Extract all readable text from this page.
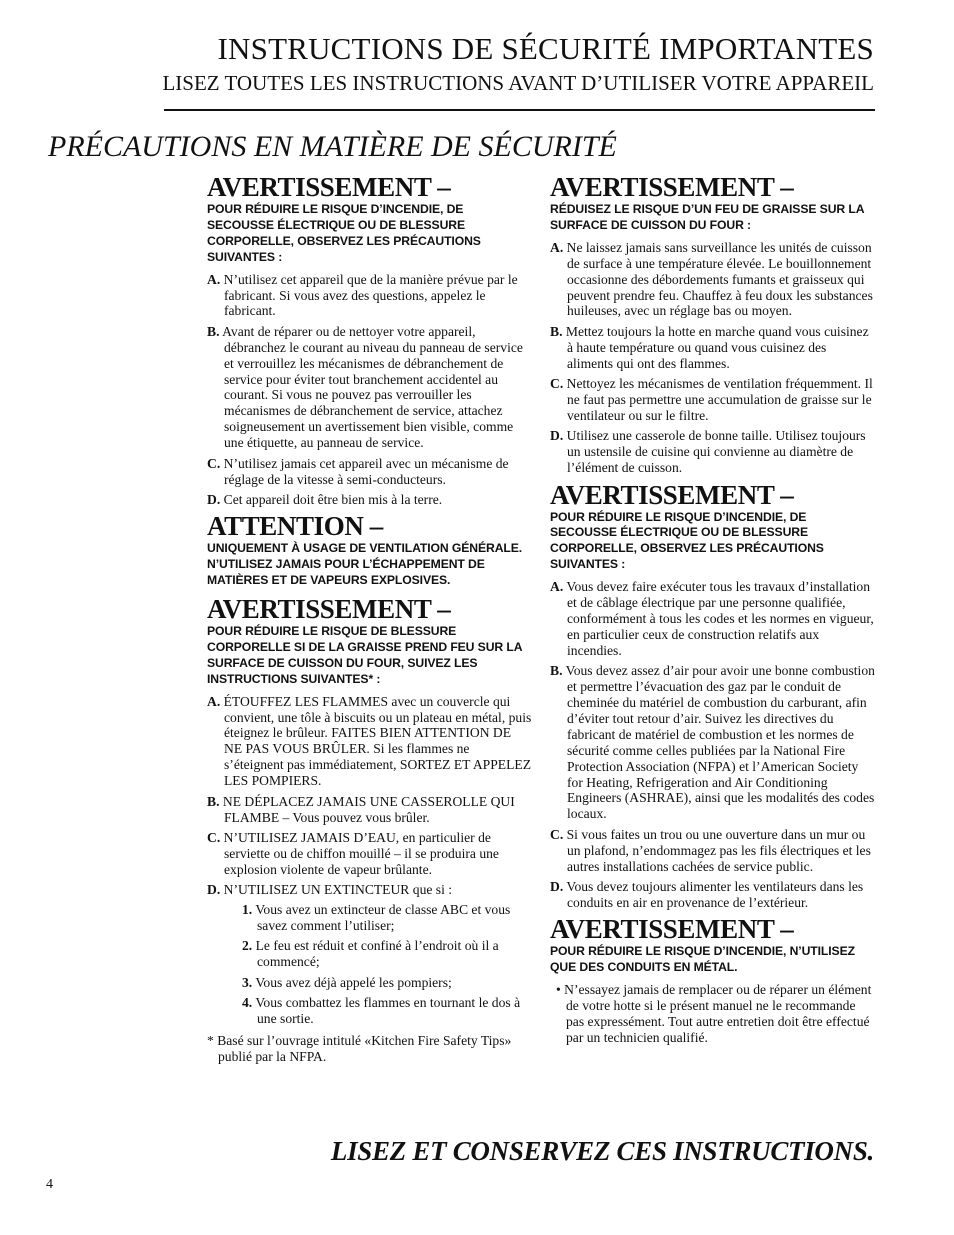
INSTRUCTIONS DE SÉCURITÉ IMPORTANTES
LISEZ TOUTES LES INSTRUCTIONS AVANT D’UTILISER VOTRE APPAREIL
PRÉCAUTIONS EN MATIÈRE DE SÉCURITÉ
AVERTISSEMENT –

POUR RÉDUIRE LE RISQUE D’INCENDIE, DE SECOUSSE ÉLECTRIQUE OU DE BLESSURE CORPORELLE, OBSERVEZ LES PRÉCAUTIONS SUIVANTES :

A. N’utilisez cet appareil que de la manière prévue par le fabricant. Si vous avez des questions, appelez le fabricant.
B. Avant de réparer ou de nettoyer votre appareil, débranchez le courant au niveau du panneau de service et verrouillez les mécanismes de débranchement de service pour éviter tout branchement accidentel au courant. Si vous ne pouvez pas verrouiller les mécanismes de débranchement de service, attachez soigneusement un avertissement bien visible, comme une étiquette, au panneau de service.
C. N’utilisez jamais cet appareil avec un mécanisme de réglage de la vitesse à semi-conducteurs.
D. Cet appareil doit être bien mis à la terre.
ATTENTION –

UNIQUEMENT À USAGE DE VENTILATION GÉNÉRALE. N’UTILISEZ JAMAIS POUR L’ÉCHAPPEMENT DE MATIÈRES ET DE VAPEURS EXPLOSIVES.

AVERTISSEMENT –

POUR RÉDUIRE LE RISQUE DE BLESSURE CORPORELLE SI DE LA GRAISSE PREND FEU SUR LA SURFACE DE CUISSON DU FOUR, SUIVEZ LES INSTRUCTIONS SUIVANTES* :

A. ÉTOUFFEZ LES FLAMMES avec un couvercle qui convient, une tôle à biscuits ou un plateau en métal, puis éteignez le brûleur. FAITES BIEN ATTENTION DE NE PAS VOUS BRÛLER. Si les flammes ne s’éteignent pas immédiatement, SORTEZ ET APPELEZ LES POMPIERS.
B. NE DÉPLACEZ JAMAIS UNE CASSEROLLE QUI FLAMBE – Vous pouvez vous brûler.
C. N’UTILISEZ JAMAIS D’EAU, en particulier de serviette ou de chiffon mouillé – il se produira une explosion violente de vapeur brûlante.
D. N’UTILISEZ UN EXTINCTEUR que si :
1. Vous avez un extincteur de classe ABC et vous savez comment l’utiliser;
2. Le feu est réduit et confiné à l’endroit où il a commencé;
3. Vous avez déjà appelé les pompiers;
4. Vous combattez les flammes en tournant le dos à une sortie.

* Basé sur l’ouvrage intitulé «Kitchen Fire Safety Tips» publié par la NFPA.

AVERTISSEMENT –

RÉDUISEZ LE RISQUE D’UN FEU DE GRAISSE SUR LA SURFACE DE CUISSON DU FOUR :

A. Ne laissez jamais sans surveillance les unités de cuisson de surface à une température élevée. Le bouillonnement occasionne des débordements fumants et graisseux qui peuvent prendre feu. Chauffez à feu doux les substances huileuses, avec un réglage bas ou moyen.
B. Mettez toujours la hotte en marche quand vous cuisinez à haute température ou quand vous cuisinez des aliments qui ont des flammes.
C. Nettoyez les mécanismes de ventilation fréquemment. Il ne faut pas permettre une accumulation de graisse sur le ventilateur ou sur le filtre.
D. Utilisez une casserole de bonne taille. Utilisez toujours un ustensile de cuisine qui convienne au diamètre de l’élément de cuisson.
AVERTISSEMENT –

POUR RÉDUIRE LE RISQUE D’INCENDIE, DE SECOUSSE ÉLECTRIQUE OU DE BLESSURE CORPORELLE, OBSERVEZ LES PRÉCAUTIONS SUIVANTES :

A. Vous devez faire exécuter tous les travaux d’installation et de câblage électrique par une personne qualifiée, conformément à tous les codes et les normes en vigueur, en particulier ceux de construction relatifs aux incendies.
B. Vous devez assez d’air pour avoir une bonne combustion et permettre l’évacuation des gaz par le conduit de cheminée du matériel de combustion du carburant, afin d’éviter tout retour d’air. Suivez les directives du fabricant de matériel de combustion et les normes de sécurité comme celles publiées par la National Fire Protection Association (NFPA) et l’American Society for Heating, Refrigeration and Air Conditioning Engineers (ASHRAE), ainsi que les modalités des codes locaux.
C. Si vous faites un trou ou une ouverture dans un mur ou un plafond, n’endommagez pas les fils électriques et les autres installations cachées de service public.
D. Vous devez toujours alimenter les ventilateurs dans les conduits en air en provenance de l’extérieur.
AVERTISSEMENT –

POUR RÉDUIRE LE RISQUE D’INCENDIE, N’UTILISEZ QUE DES CONDUITS EN MÉTAL.

• N’essayez jamais de remplacer ou de réparer un élément de votre hotte si le présent manuel ne le recommande pas expressément. Tout autre entretien doit être effectué par un technicien qualifié.
LISEZ ET CONSERVEZ CES INSTRUCTIONS.
4
